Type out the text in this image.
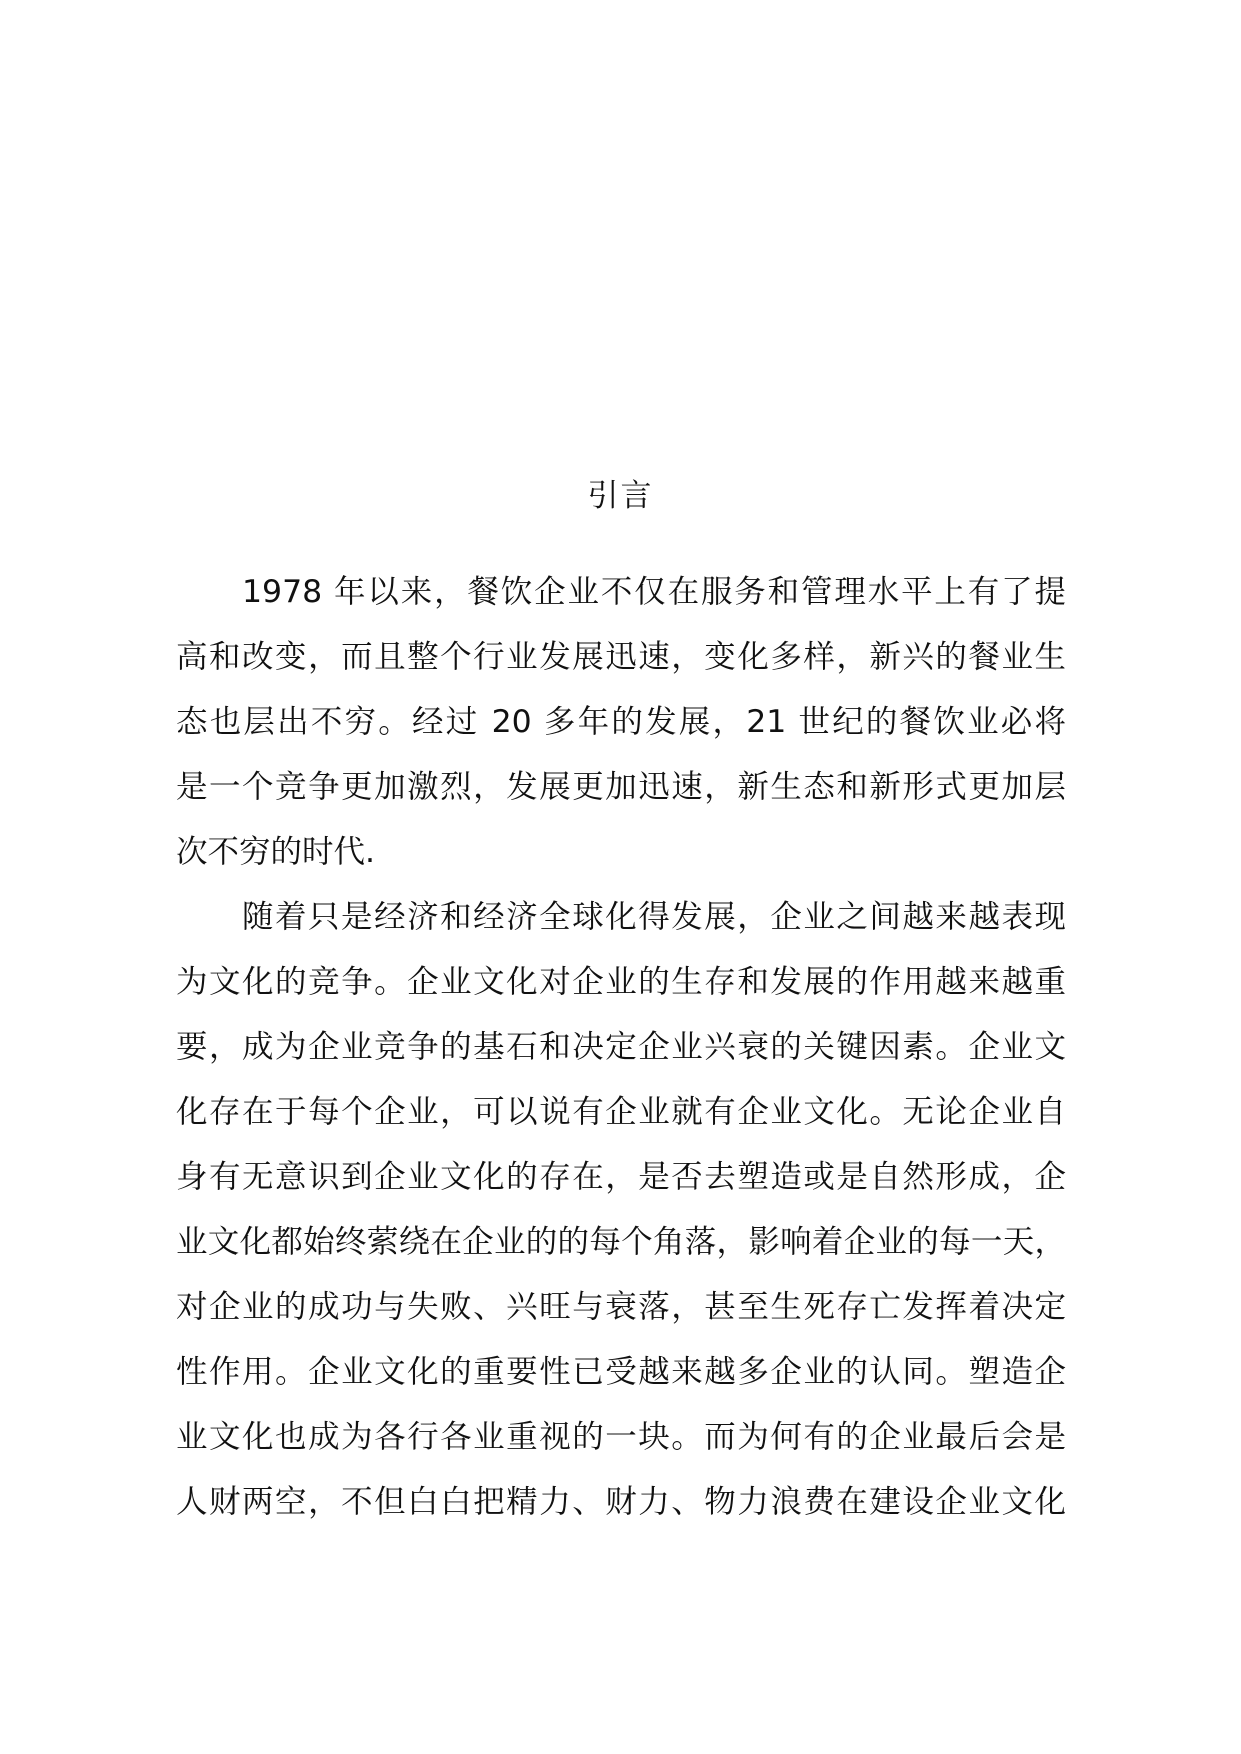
引言
1978 年以来，餐饮企业不仅在服务和管理水平上有了提
高和改变，而且整个行业发展迅速，变化多样，新兴的餐业生
态也层出不穷。经过 20 多年的发展，21 世纪的餐饮业必将
是一个竞争更加激烈，发展更加迅速，新生态和新形式更加层
次不穷的时代.
随着只是经济和经济全球化得发展，企业之间越来越表现
为文化的竞争。企业文化对企业的生存和发展的作用越来越重
要，成为企业竞争的基石和决定企业兴衰的关键因素。企业文
化存在于每个企业，可以说有企业就有企业文化。无论企业自
身有无意识到企业文化的存在，是否去塑造或是自然形成，企
业文化都始终萦绕在企业的的每个角落，影响着企业的每一天，
对企业的成功与失败、兴旺与衰落，甚至生死存亡发挥着决定
性作用。企业文化的重要性已受越来越多企业的认同。塑造企
业文化也成为各行各业重视的一块。而为何有的企业最后会是
人财两空，不但白白把精力、财力、物力浪费在建设企业文化
